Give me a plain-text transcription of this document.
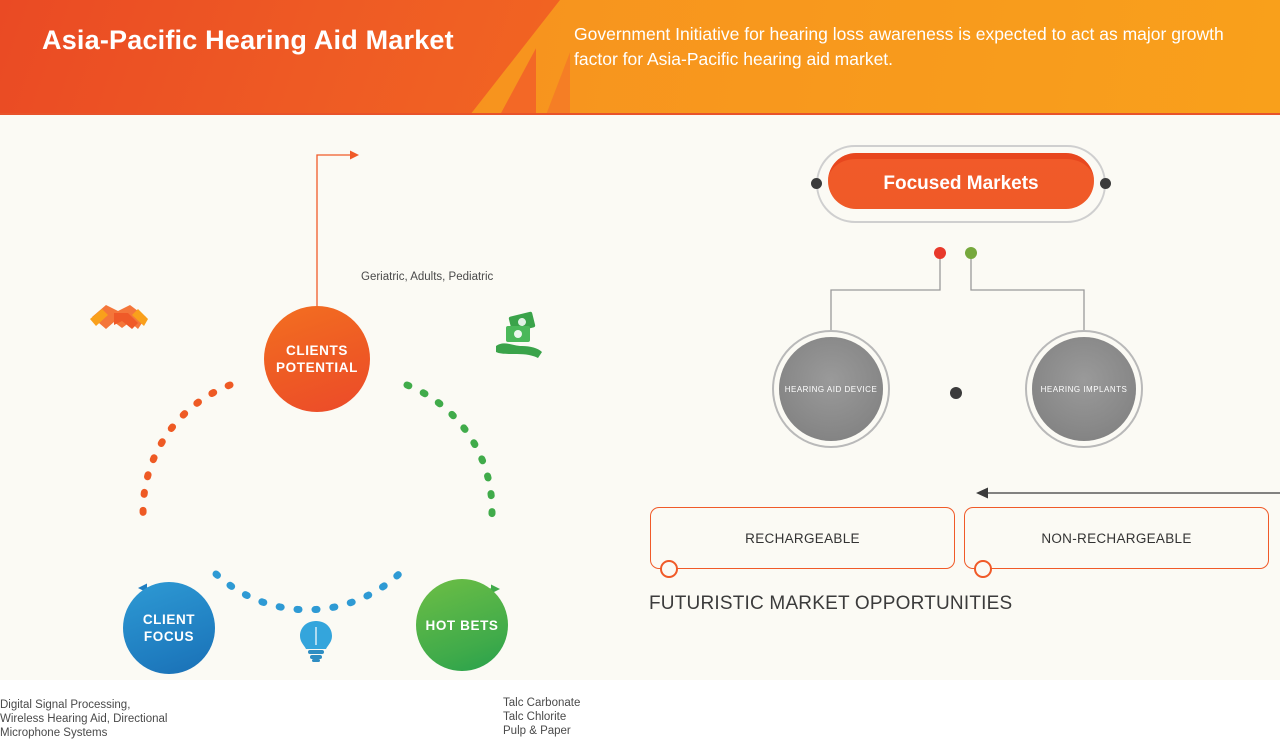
Asia-Pacific Hearing Aid Market	Government Initiative for hearing loss awareness is expected to act as major growth factor for Asia-Pacific hearing aid market.
CLIENTS POTENTIAL
CLIENT FOCUS
HOT BETS
Geriatric, Adults, Pediatric
Digital Signal Processing, Wireless Hearing Aid, Directional Microphone Systems
Talc Carbonate
Talc Chlorite
Pulp & Paper
Focused Markets
HEARING AID DEVICE	HEARING IMPLANTS
FUTURISTIC MARKET OPPORTUNITIES
RECHARGEABLE	NON-RECHARGEABLE
